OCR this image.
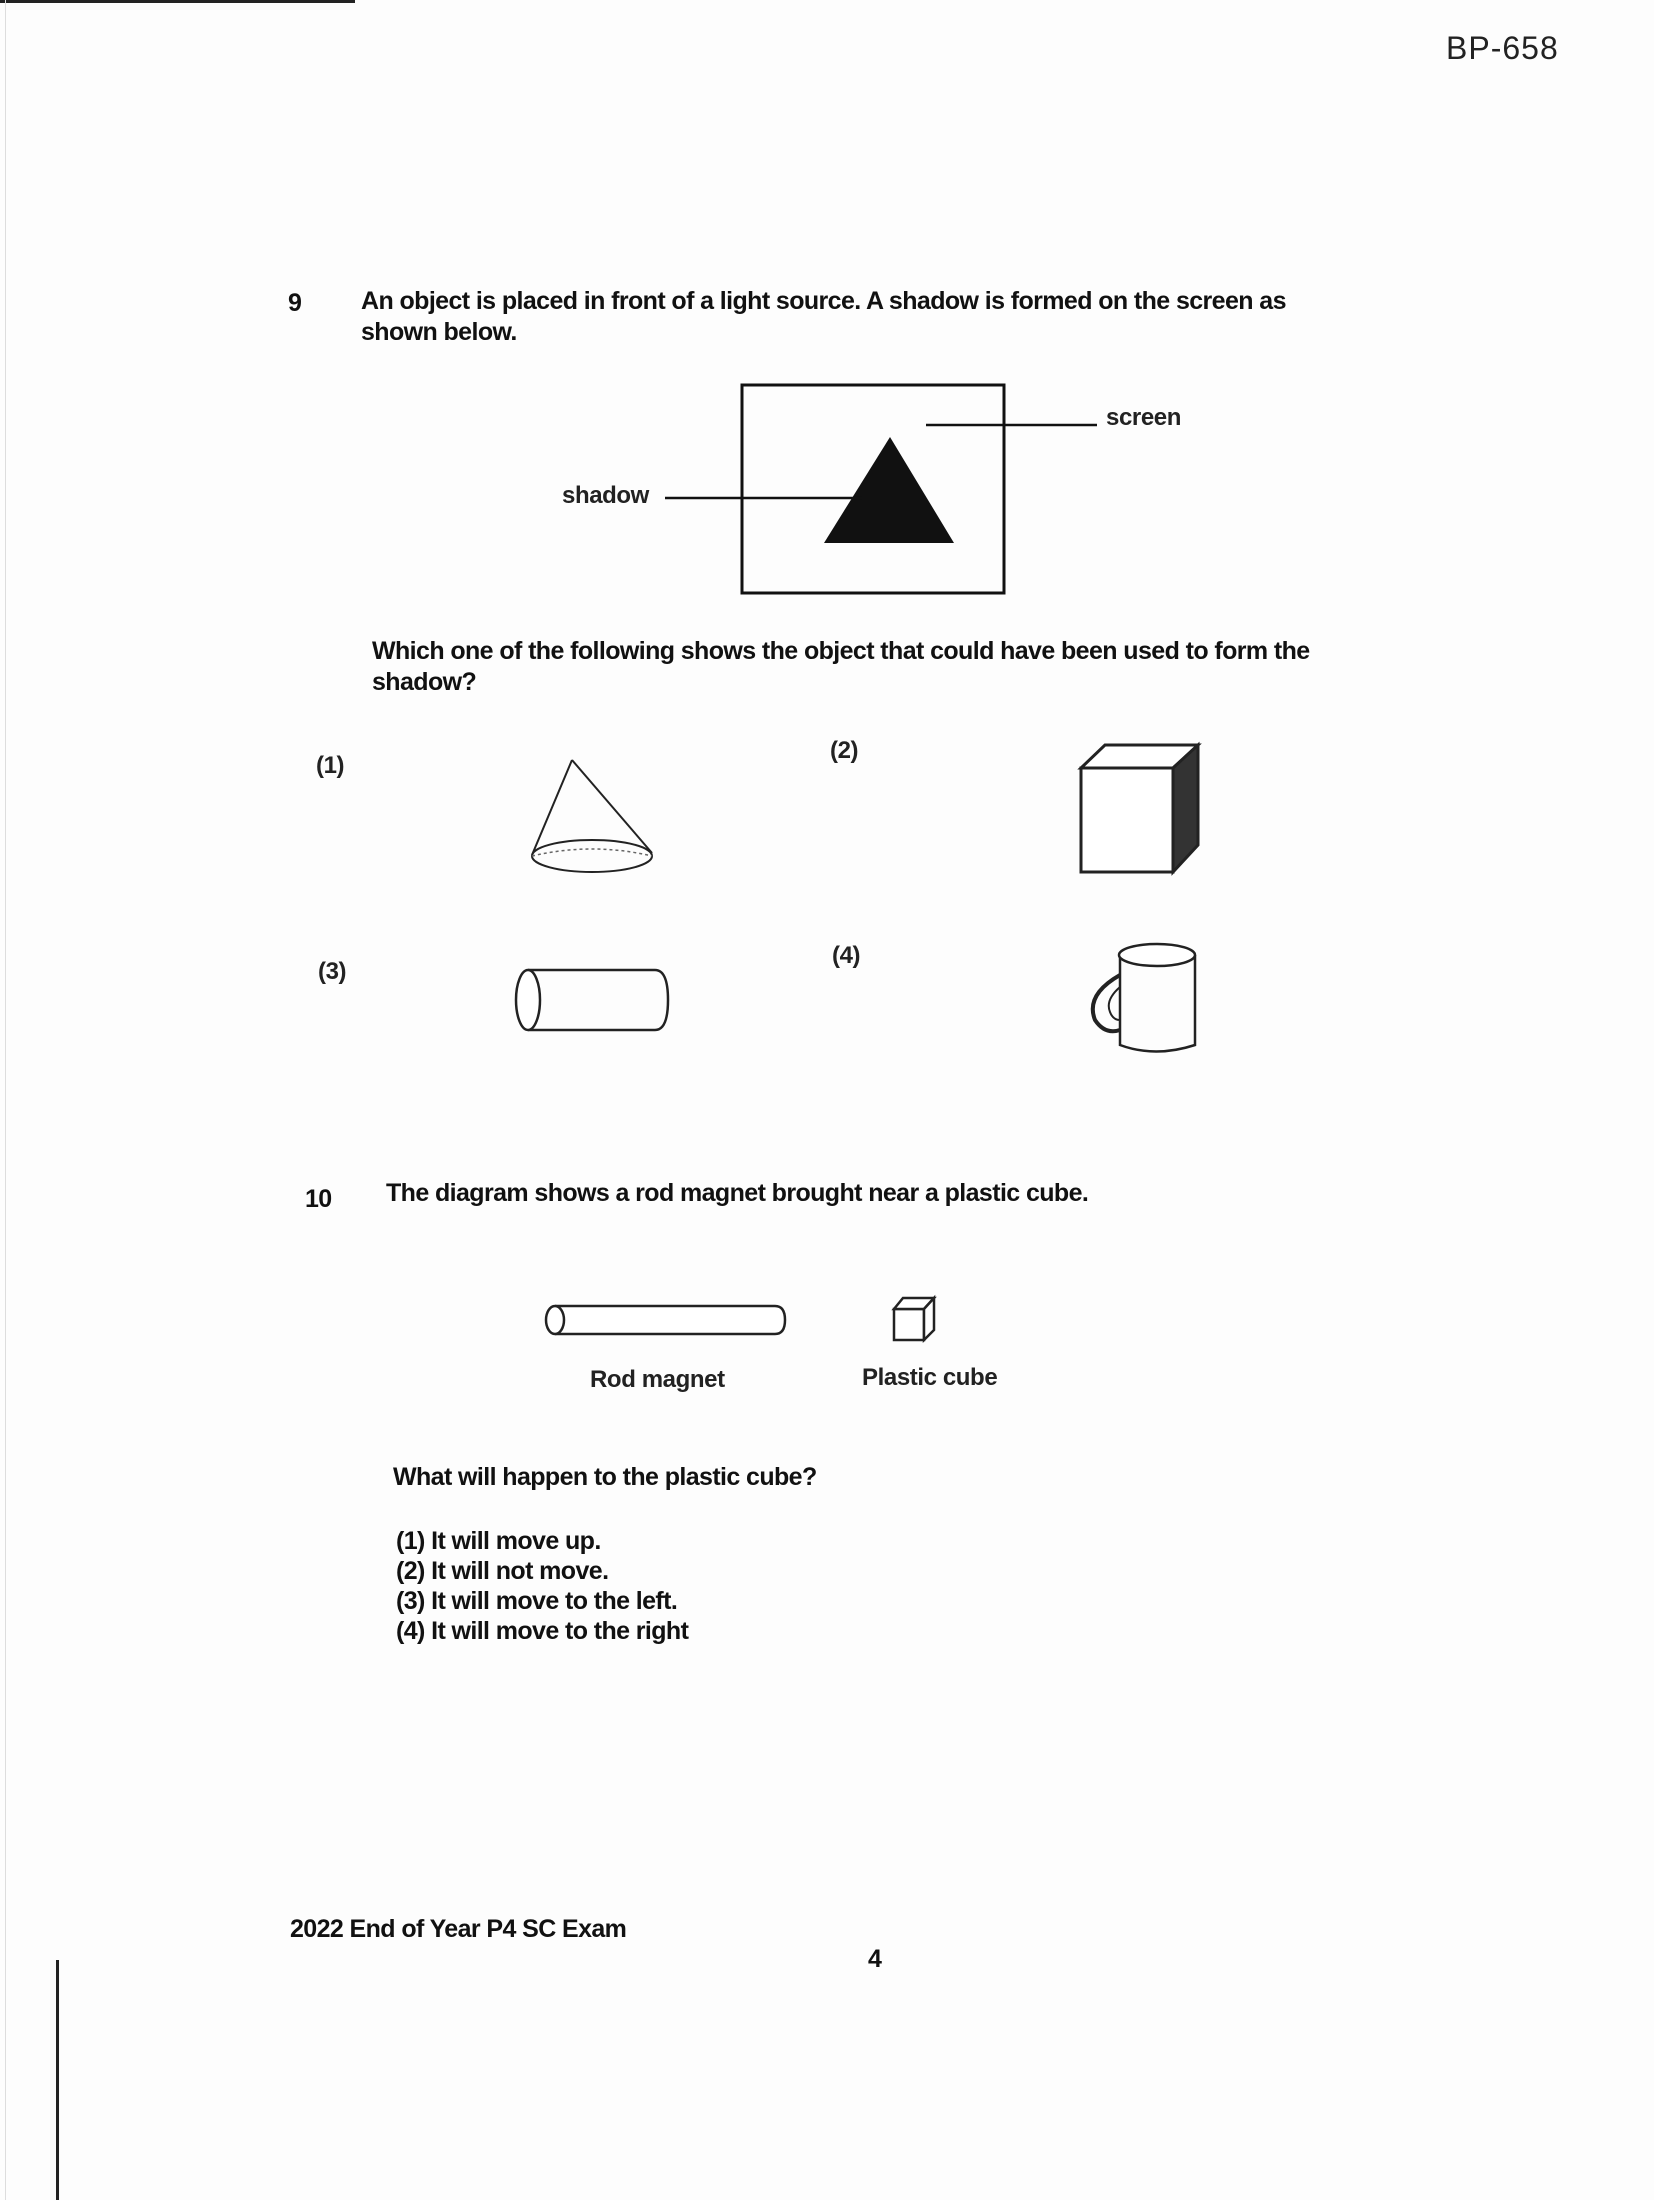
BP-658
9 An object is placed in front of a light source. A shadow is formed on the screen as shown below.
screen
shadow
Which one of the following shows the object that could have been used to form the shadow?
(1)
(2)
(3)
(4)
10 The diagram shows a rod magnet brought near a plastic cube.
Rod magnet	Plastic cube
What will happen to the plastic cube?
(1) It will move up.
(2) It will not move.
(3) It will move to the left.
(4) It will move to the right
2022 End of Year P4 SC Exam
4
